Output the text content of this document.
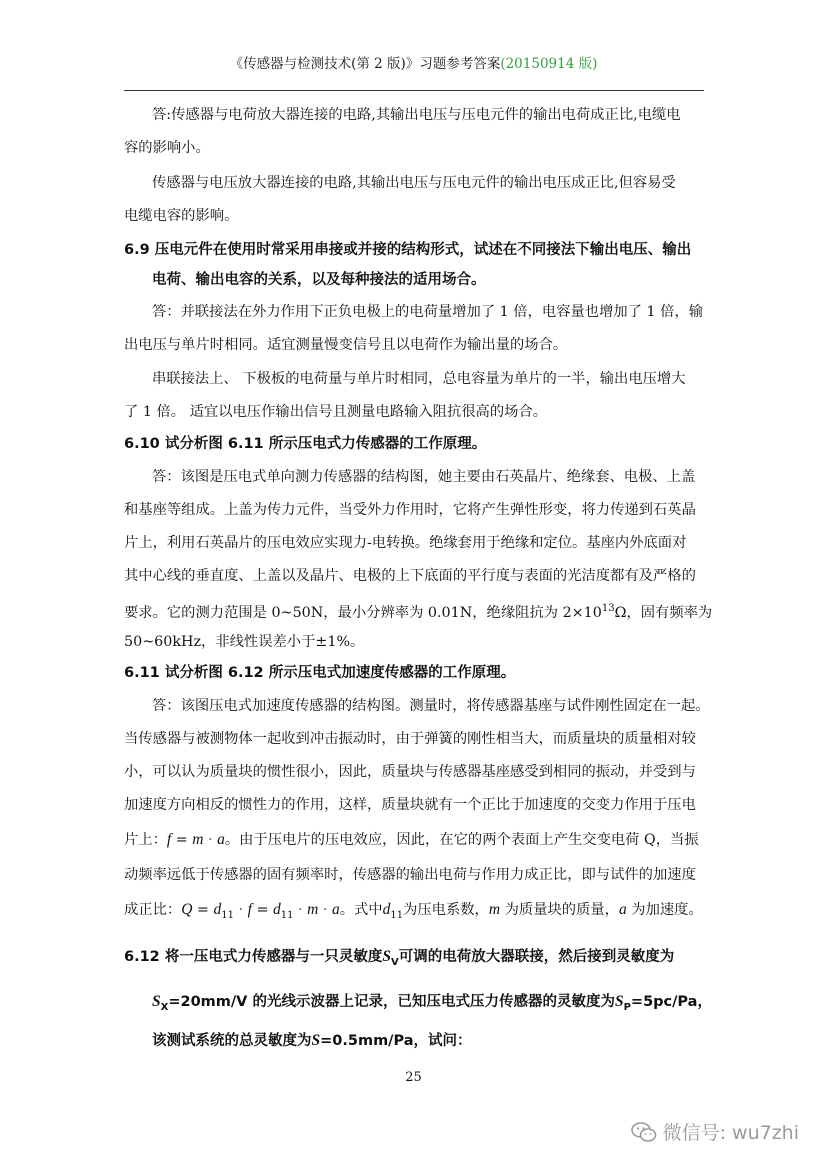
《传感器与检测技术(第 2 版)》习题参考答案(20150914 版)
答:传感器与电荷放大器连接的电路,其输出电压与压电元件的输出电荷成正比,电缆电
容的影响小。
传感器与电压放大器连接的电路,其输出电压与压电元件的输出电压成正比,但容易受
电缆电容的影响。
6.9 压电元件在使用时常采用串接或并接的结构形式，试述在不同接法下输出电压、输出
电荷、输出电容的关系，以及每种接法的适用场合。
答：并联接法在外力作用下正负电极上的电荷量增加了 1 倍，电容量也增加了 1 倍，输
出电压与单片时相同。适宜测量慢变信号且以电荷作为输出量的场合。
串联接法上、 下极板的电荷量与单片时相同，总电容量为单片的一半，输出电压增大
了 1 倍。 适宜以电压作输出信号且测量电路输入阻抗很高的场合。
6.10 试分析图 6.11 所示压电式力传感器的工作原理。
答：该图是压电式单向测力传感器的结构图，她主要由石英晶片、绝缘套、电极、上盖
和基座等组成。上盖为传力元件，当受外力作用时，它将产生弹性形变，将力传递到石英晶
片上，利用石英晶片的压电效应实现力-电转换。绝缘套用于绝缘和定位。基座内外底面对
其中心线的垂直度、上盖以及晶片、电极的上下底面的平行度与表面的光洁度都有及严格的
要求。它的测力范围是 0~50N，最小分辨率为 0.01N，绝缘阻抗为 $2\times 10^{13}\Omega$，固有频率为
50~60kHz，非线性误差小于±1%。
6.11 试分析图 6.12 所示压电式加速度传感器的工作原理。
答：该图压电式加速度传感器的结构图。测量时，将传感器基座与试件刚性固定在一起。
当传感器与被测物体一起收到冲击振动时，由于弹簧的刚性相当大，而质量块的质量相对较
小，可以认为质量块的惯性很小，因此，质量块与传感器基座感受到相同的振动，并受到与
加速度方向相反的惯性力的作用，这样，质量块就有一个正比于加速度的交变力作用于压电
片上：f = m · a。由于压电片的压电效应，因此，在它的两个表面上产生交变电荷 Q，当振
动频率远低于传感器的固有频率时，传感器的输出电荷与作用力成正比，即与试件的加速度
成正比：$Q = d_{11} \cdot f = d_{11} \cdot m \cdot a$。式中$d_{11}$为压电系数，m 为质量块的质量，a 为加速度。
6.12 将一压电式力传感器与一只灵敏度$S_V$可调的电荷放大器联接，然后接到灵敏度为
$S_X=20mm/V$ 的光线示波器上记录，已知压电式压力传感器的灵敏度为$S_P=5pc/Pa$，
该测试系统的总灵敏度为S=0.5mm/Pa，试问：
25
微信号: wu7zhi
